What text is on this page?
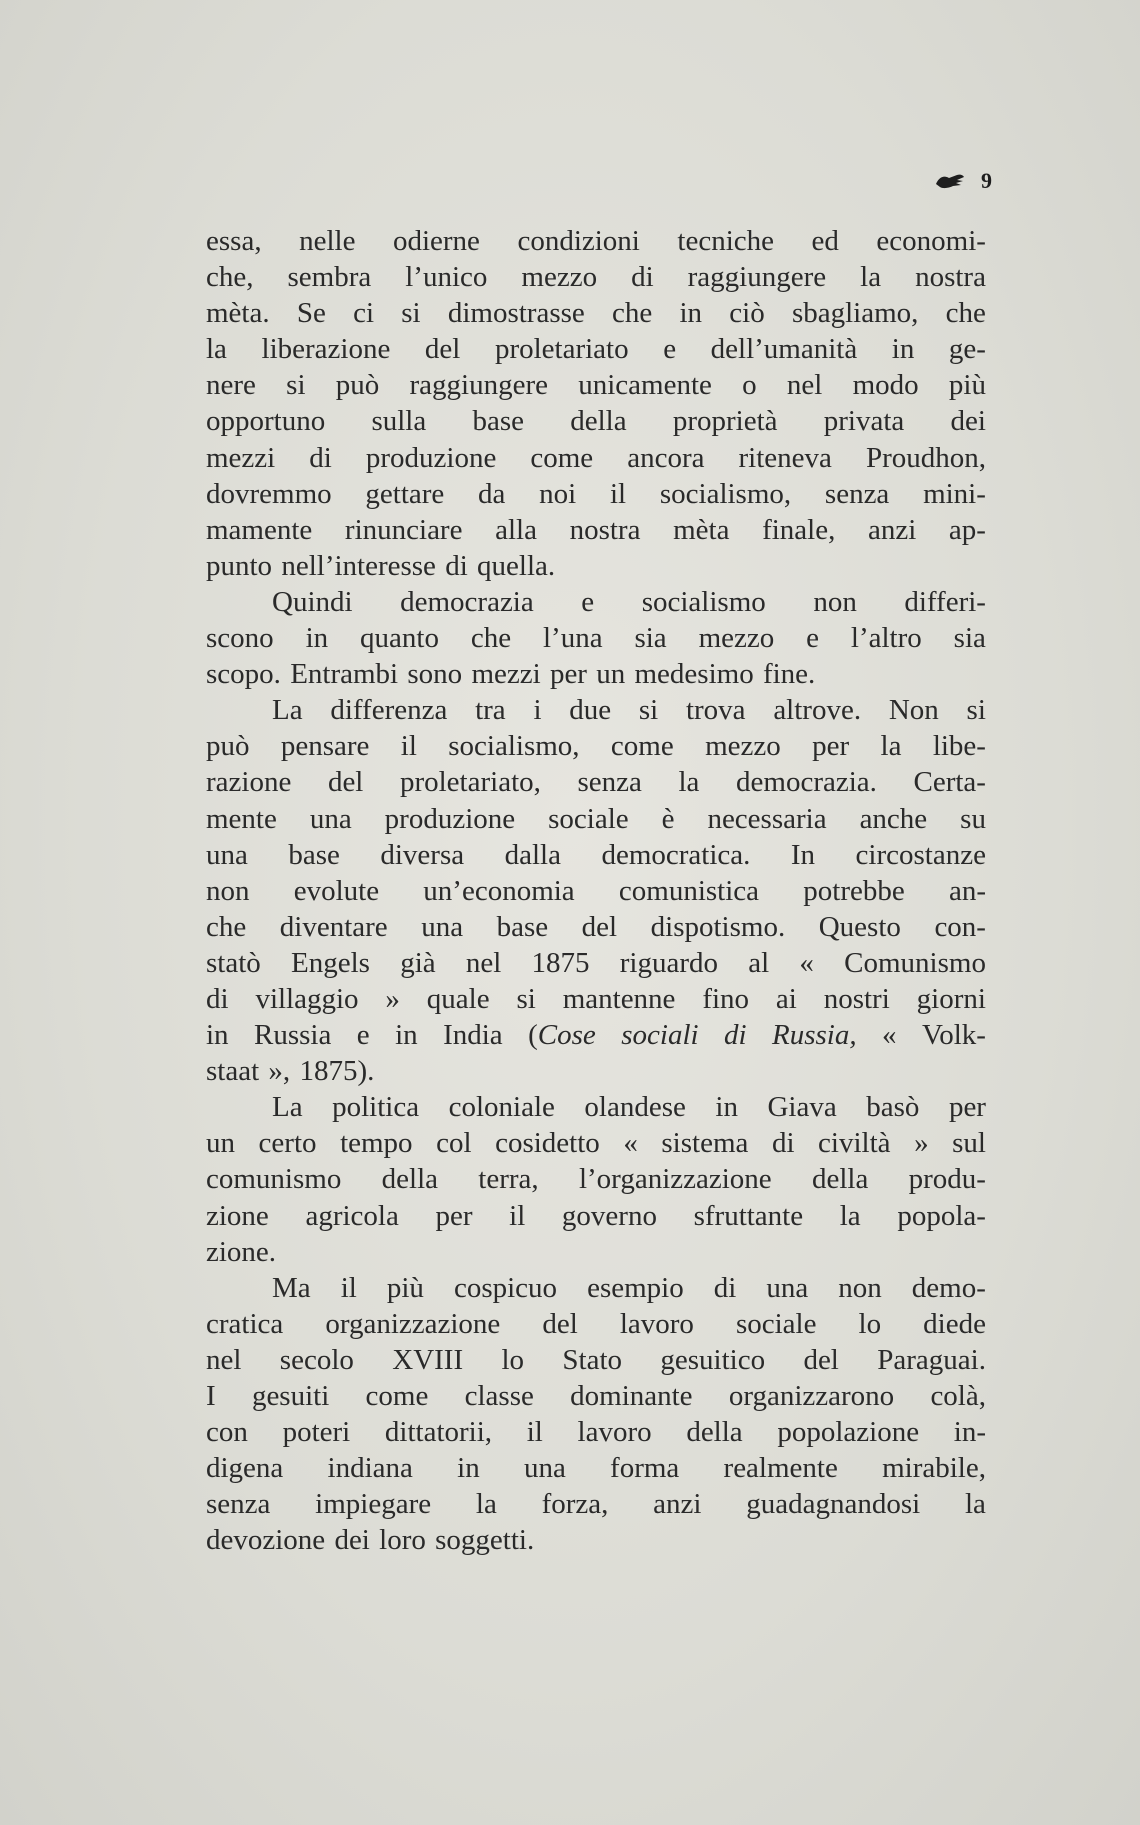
9
essa, nelle odierne condizioni tecniche ed economi-
che, sembra l’unico mezzo di raggiungere la nostra
mèta. Se ci si dimostrasse che in ciò sbagliamo, che
la liberazione del proletariato e dell’umanità in ge-
nere si può raggiungere unicamente o nel modo più
opportuno sulla base della proprietà privata dei
mezzi di produzione come ancora riteneva Proudhon,
dovremmo gettare da noi il socialismo, senza mini-
mamente rinunciare alla nostra mèta finale, anzi ap-
punto nell’interesse di quella.
Quindi democrazia e socialismo non differi-
scono in quanto che l’una sia mezzo e l’altro sia
scopo. Entrambi sono mezzi per un medesimo fine.
La differenza tra i due si trova altrove. Non si
può pensare il socialismo, come mezzo per la libe-
razione del proletariato, senza la democrazia. Certa-
mente una produzione sociale è necessaria anche su
una base diversa dalla democratica. In circostanze
non evolute un’economia comunistica potrebbe an-
che diventare una base del dispotismo. Questo con-
statò Engels già nel 1875 riguardo al « Comunismo
di villaggio » quale si mantenne fino ai nostri giorni
in Russia e in India (Cose sociali di Russia, « Volk-
staat », 1875).
La politica coloniale olandese in Giava basò per
un certo tempo col cosidetto « sistema di civiltà » sul
comunismo della terra, l’organizzazione della produ-
zione agricola per il governo sfruttante la popola-
zione.
Ma il più cospicuo esempio di una non demo-
cratica organizzazione del lavoro sociale lo diede
nel secolo XVIII lo Stato gesuitico del Paraguai.
I gesuiti come classe dominante organizzarono colà,
con poteri dittatorii, il lavoro della popolazione in-
digena indiana in una forma realmente mirabile,
senza impiegare la forza, anzi guadagnandosi la
devozione dei loro soggetti.
